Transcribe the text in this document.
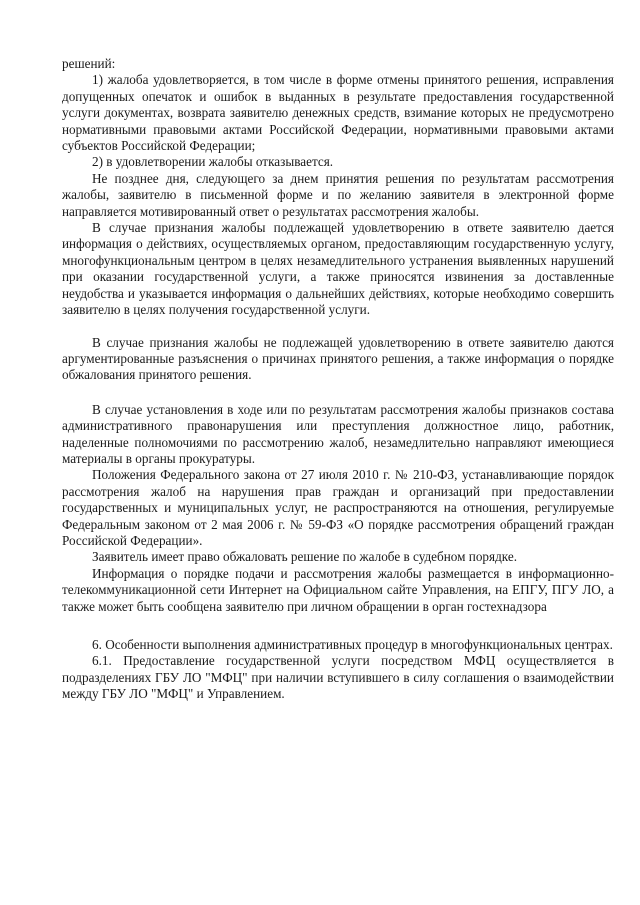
решений:

1) жалоба удовлетворяется, в том числе в форме отмены принятого решения, исправления допущенных опечаток и ошибок в выданных в результате предоставления государственной услуги документах, возврата заявителю денежных средств, взимание которых не предусмотрено нормативными правовыми актами Российской Федерации, нормативными правовыми актами субъектов Российской Федерации;

2) в удовлетворении жалобы отказывается.

Не позднее дня, следующего за днем принятия решения по результатам рассмотрения жалобы, заявителю в письменной форме и по желанию заявителя в электронной форме направляется мотивированный ответ о результатах рассмотрения жалобы.

В случае признания жалобы подлежащей удовлетворению в ответе заявителю дается информация о действиях, осуществляемых органом, предоставляющим государственную услугу, многофункциональным центром в целях незамедлительного устранения выявленных нарушений при оказании государственной услуги, а также приносятся извинения за доставленные неудобства и указывается информация о дальнейших действиях, которые необходимо совершить заявителю в целях получения государственной услуги.

В случае признания жалобы не подлежащей удовлетворению в ответе заявителю даются аргументированные разъяснения о причинах принятого решения, а также информация о порядке обжалования принятого решения.

В случае установления в ходе или по результатам рассмотрения жалобы признаков состава административного правонарушения или преступления должностное лицо, работник, наделенные полномочиями по рассмотрению жалоб, незамедлительно направляют имеющиеся материалы в органы прокуратуры.

Положения Федерального закона от 27 июля 2010 г. № 210-ФЗ, устанавливающие порядок рассмотрения жалоб на нарушения прав граждан и организаций при предоставлении государственных и муниципальных услуг, не распространяются на отношения, регулируемые Федеральным законом от 2 мая 2006 г. № 59-ФЗ «О порядке рассмотрения обращений граждан Российской Федерации».

Заявитель имеет право обжаловать решение по жалобе в судебном порядке.

Информация о порядке подачи и рассмотрения жалобы размещается в информационно-телекоммуникационной сети Интернет на Официальном сайте Управления, на ЕПГУ, ПГУ ЛО, а также может быть сообщена заявителю при личном обращении в орган гостехнадзора

6. Особенности выполнения административных процедур в многофункциональных центрах.

6.1. Предоставление государственной услуги посредством МФЦ осуществляется в подразделениях ГБУ ЛО "МФЦ" при наличии вступившего в силу соглашения о взаимодействии между ГБУ ЛО "МФЦ" и Управлением.
